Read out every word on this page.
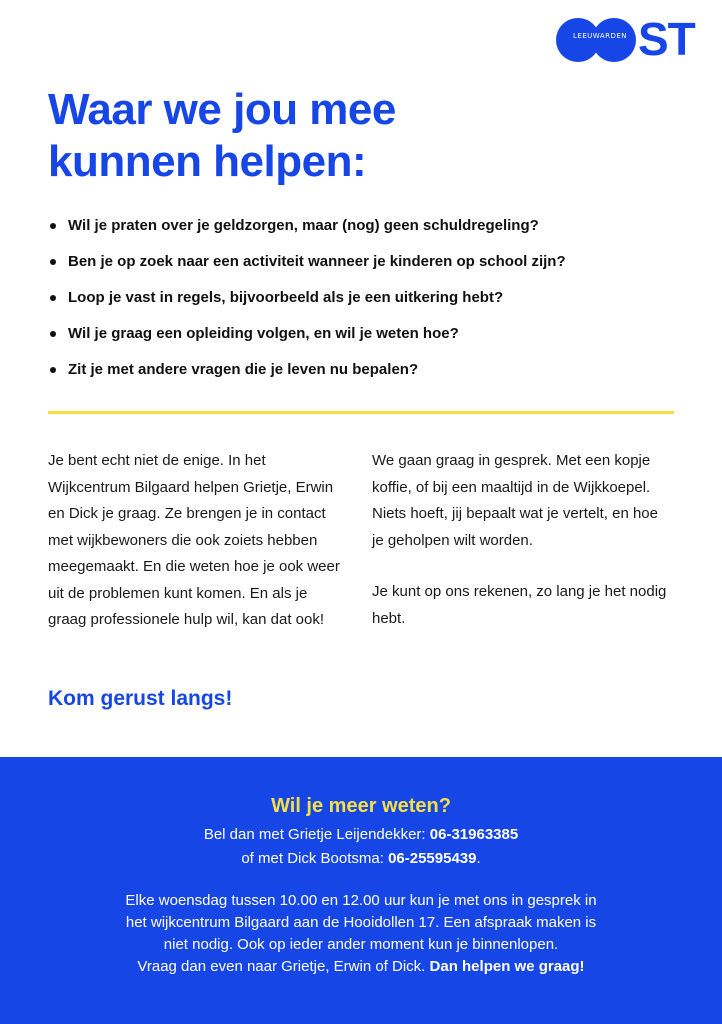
LEEUWARDEN ST
Waar we jou mee
kunnen helpen:
Wil je praten over je geldzorgen, maar (nog) geen schuldregeling?
Ben je op zoek naar een activiteit wanneer je kinderen op school zijn?
Loop je vast in regels, bijvoorbeeld als je een uitkering hebt?
Wil je graag een opleiding volgen, en wil je weten hoe?
Zit je met andere vragen die je leven nu bepalen?

Je bent echt niet de enige. In het Wijkcentrum Bilgaard helpen Grietje, Erwin en Dick je graag. Ze brengen je in contact met wijkbewoners die ook zoiets hebben meegemaakt. En die weten hoe je ook weer uit de problemen kunt komen. En als je graag professionele hulp wil, kan dat ook!

We gaan graag in gesprek. Met een kopje koffie, of bij een maaltijd in de Wijkkoepel. Niets hoeft, jij bepaalt wat je vertelt, en hoe je geholpen wilt worden.

Je kunt op ons rekenen, zo lang je het nodig hebt.

Kom gerust langs!
Wil je meer weten?
Bel dan met Grietje Leijendekker: 06-31963385
of met Dick Bootsma: 06-25595439.
Elke woensdag tussen 10.00 en 12.00 uur kun je met ons in gesprek in
het wijkcentrum Bilgaard aan de Hooidollen 17. Een afspraak maken is
niet nodig. Ook op ieder ander moment kun je binnenlopen.
Vraag dan even naar Grietje, Erwin of Dick. Dan helpen we graag!
